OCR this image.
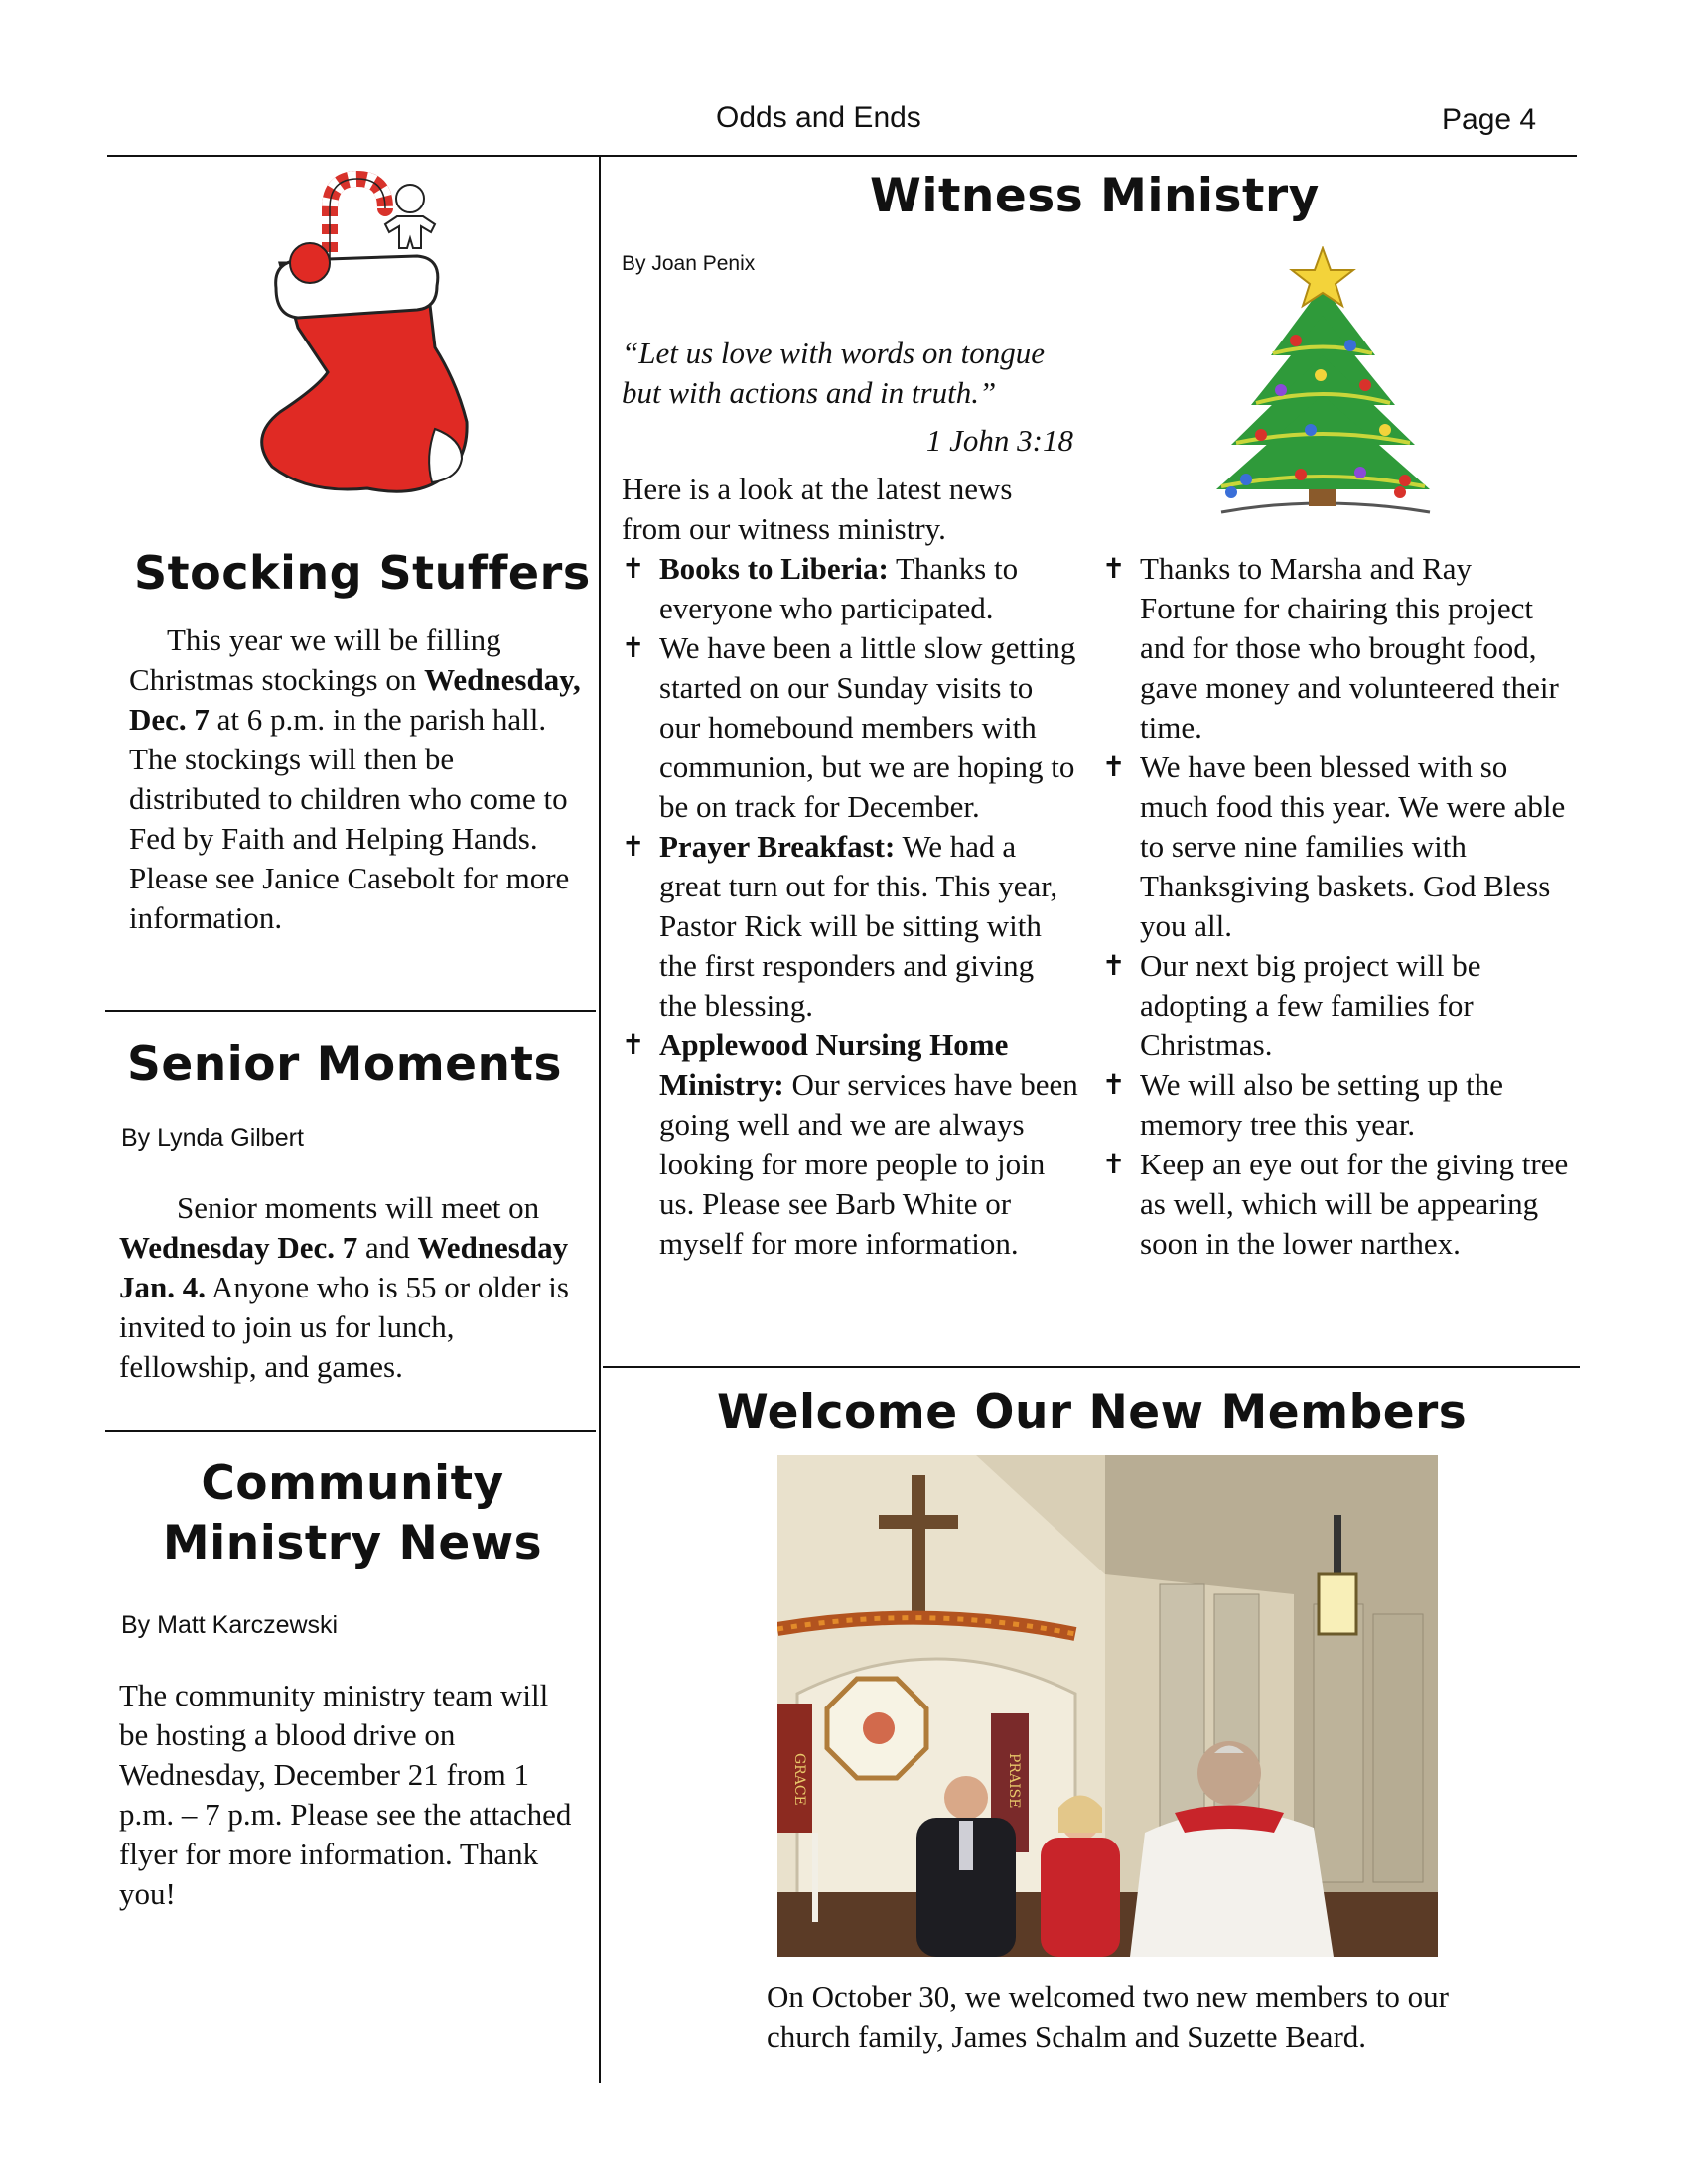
Odds and Ends	Page 4
Stocking Stuffers
This year we will be filling Christmas stockings on Wednesday, Dec. 7 at 6 p.m. in the parish hall. The stockings will then be distributed to children who come to Fed by Faith and Helping Hands. Please see Janice Casebolt for more information.
Senior Moments
By Lynda Gilbert
Senior moments will meet on Wednesday Dec. 7 and Wednesday Jan. 4. Anyone who is 55 or older is invited to join us for lunch, fellowship, and games.
Community
Ministry News
By Matt Karczewski
The community ministry team will be hosting a blood drive on Wednesday, December 21 from 1 p.m. – 7 p.m. Please see the attached flyer for more information. Thank you!
Witness Ministry
By Joan Penix
“Let us love with words on tongue but with actions and in truth.”
1 John 3:18
Here is a look at the latest news from our witness ministry.
✝ Books to Liberia: Thanks to everyone who participated.
✝ We have been a little slow getting started on our Sunday visits to our homebound members with communion, but we are hoping to be on track for December.
✝ Prayer Breakfast: We had a great turn out for this. This year, Pastor Rick will be sitting with the first responders and giving the blessing.
✝ Applewood Nursing Home Ministry: Our services have been going well and we are always looking for more people to join us. Please see Barb White or myself for more information.
✝ Thanks to Marsha and Ray Fortune for chairing this project and for those who brought food, gave money and volunteered their time.
✝ We have been blessed with so much food this year. We were able to serve nine families with Thanksgiving baskets. God Bless you all.
✝ Our next big project will be adopting a few families for Christmas.
✝ We will also be setting up the memory tree this year.
✝ Keep an eye out for the giving tree as well, which will be appearing soon in the lower narthex.
Welcome Our New Members
GRACE	PRAISE
On October 30, we welcomed two new members to our church family, James Schalm and Suzette Beard.
